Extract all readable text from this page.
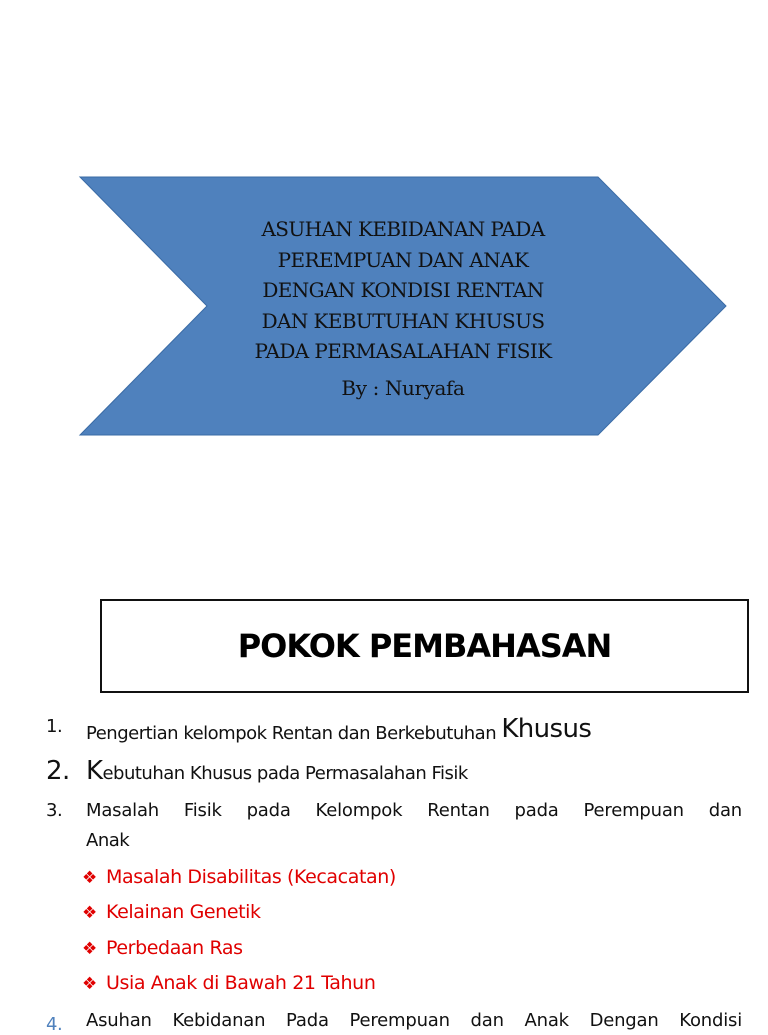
ASUHAN KEBIDANAN PADA
PEREMPUAN DAN ANAK
DENGAN KONDISI RENTAN
DAN KEBUTUHAN KHUSUS
PADA PERMASALAHAN FISIK
By : Nuryafa
POKOK PEMBAHASAN
1. Pengertian kelompok Rentan dan Berkebutuhan Khusus
2. Kebutuhan Khusus pada Permasalahan Fisik
3. Masalah Fisik pada Kelompok Rentan pada Perempuan dan
Anak
❖ Masalah Disabilitas (Kecacatan)
❖ Kelainan Genetik
❖ Perbedaan Ras
❖ Usia Anak di Bawah 21 Tahun
4. Asuhan Kebidanan Pada Perempuan dan Anak Dengan Kondisi
